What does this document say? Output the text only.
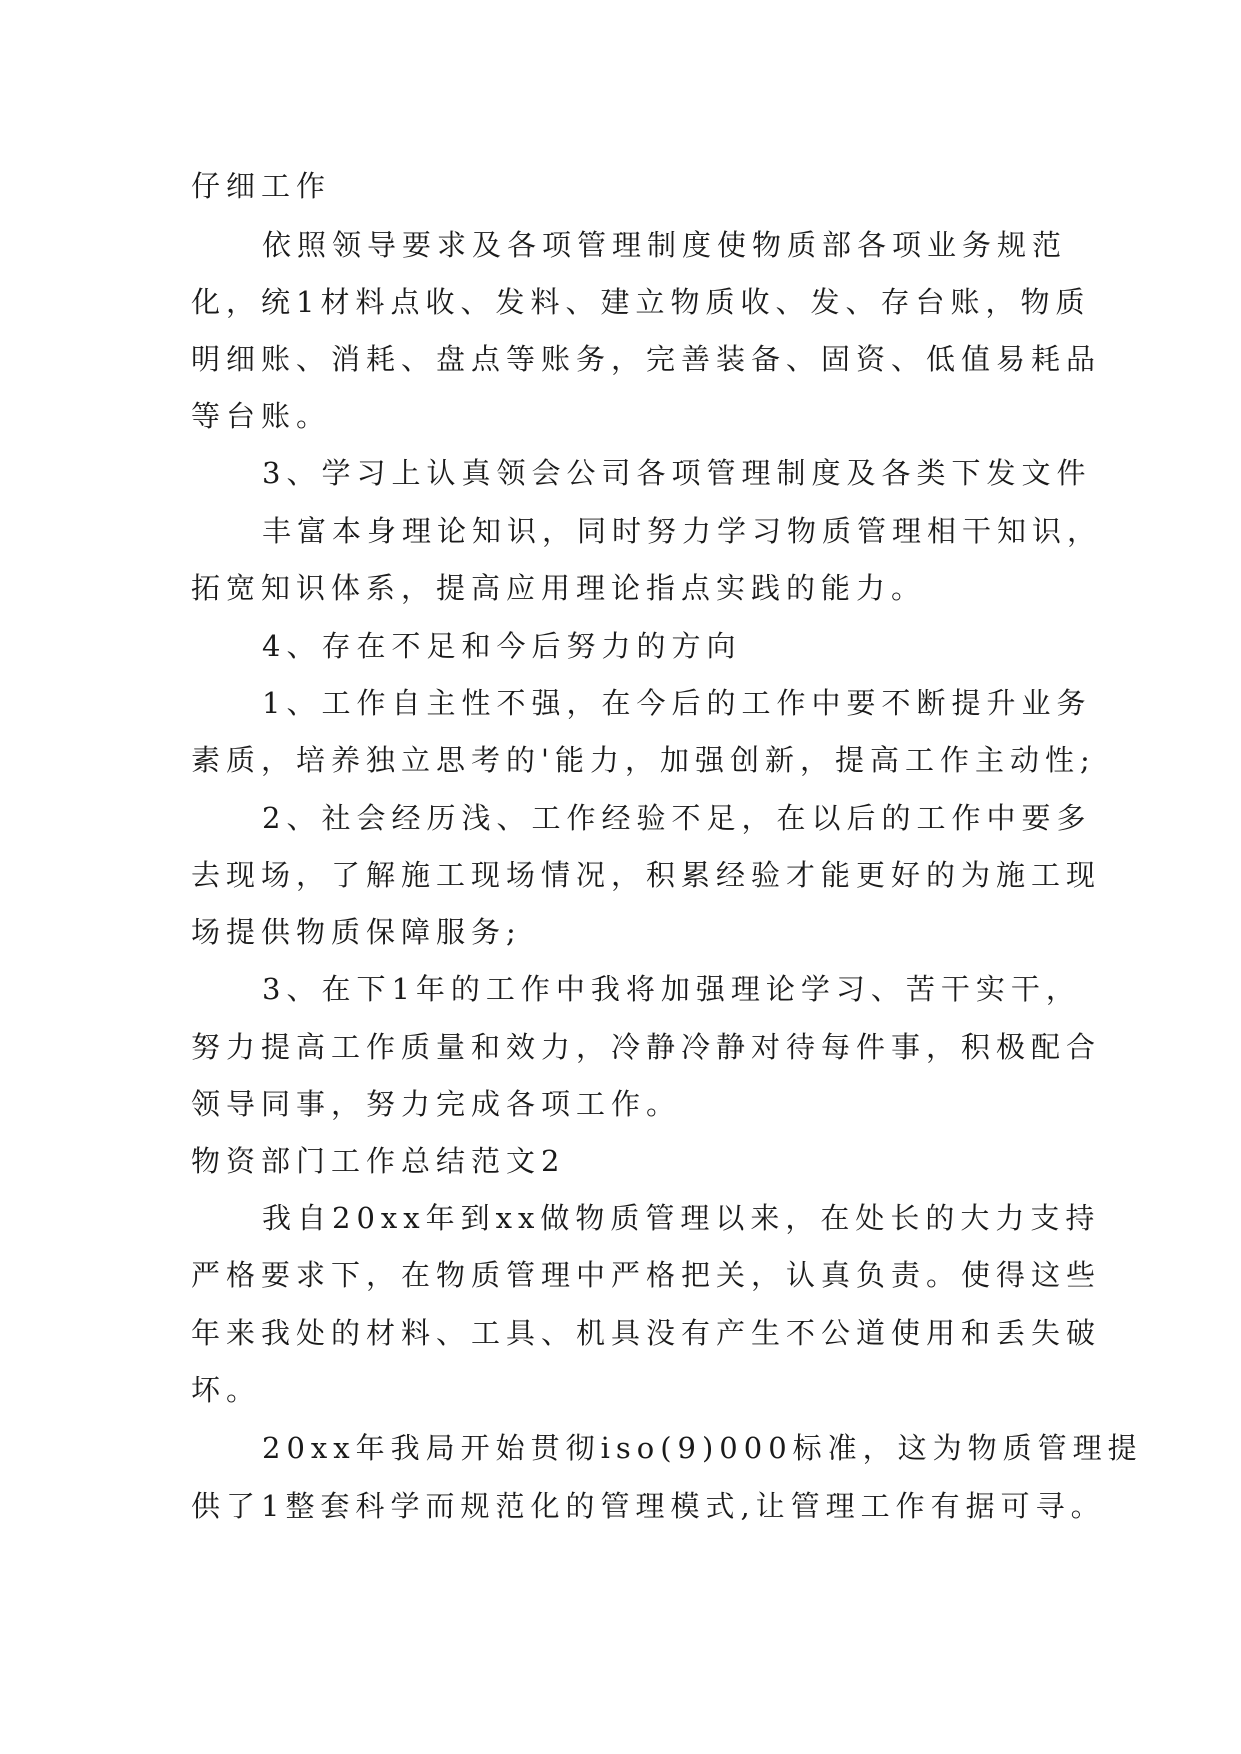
仔细工作
依照领导要求及各项管理制度使物质部各项业务规范
化，统1材料点收、发料、建立物质收、发、存台账，物质
明细账、消耗、盘点等账务，完善装备、固资、低值易耗品
等台账。
3、学习上认真领会公司各项管理制度及各类下发文件
丰富本身理论知识，同时努力学习物质管理相干知识，
拓宽知识体系，提高应用理论指点实践的能力。
4、存在不足和今后努力的方向
1、工作自主性不强，在今后的工作中要不断提升业务
素质，培养独立思考的'能力，加强创新，提高工作主动性;
2、社会经历浅、工作经验不足，在以后的工作中要多
去现场，了解施工现场情况，积累经验才能更好的为施工现
场提供物质保障服务;
3、在下1年的工作中我将加强理论学习、苦干实干，
努力提高工作质量和效力，冷静冷静对待每件事，积极配合
领导同事，努力完成各项工作。
物资部门工作总结范文2
我自20xx年到xx做物质管理以来，在处长的大力支持
严格要求下，在物质管理中严格把关，认真负责。使得这些
年来我处的材料、工具、机具没有产生不公道使用和丢失破
坏。
20xx年我局开始贯彻iso(9)000标准，这为物质管理提
供了1整套科学而规范化的管理模式,让管理工作有据可寻。
